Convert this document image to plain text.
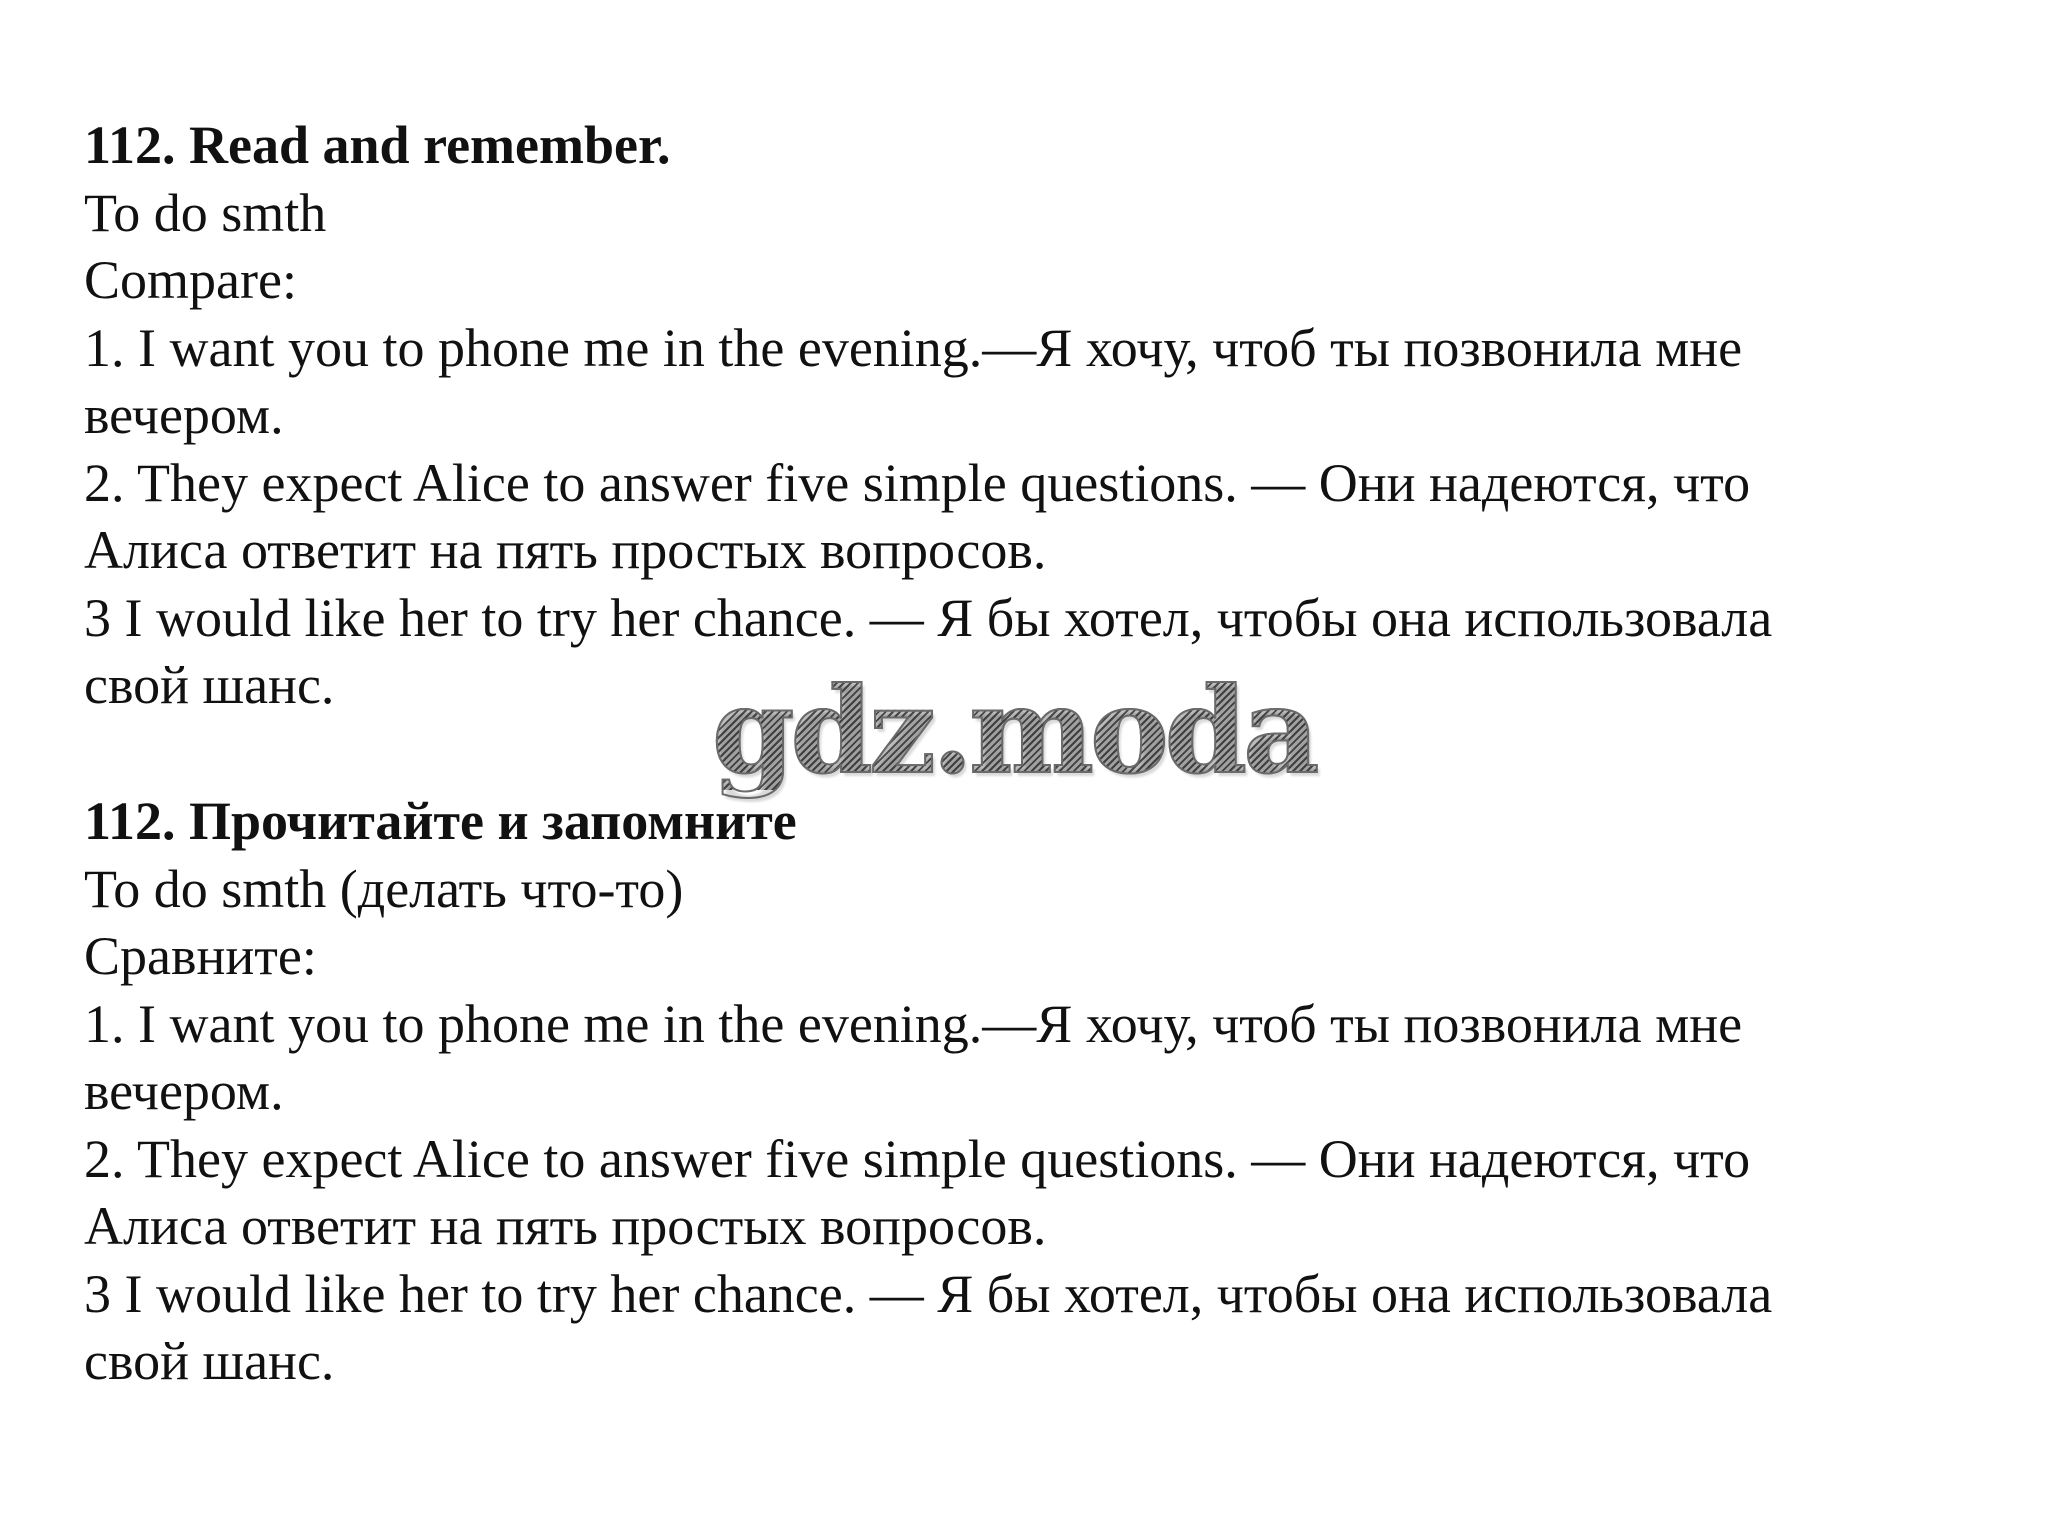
112. Read and remember.

To do smth

Compare:

1. I want you to phone me in the evening.—Я хочу, чтоб ты позвонила мне

вечером.

2. They expect Alice to answer five simple questions. — Они надеются, что

Алиса ответит на пять простых вопросов.

3 I would like her to try her chance. — Я бы хотел, чтобы она использовала

свой шанс.

112. Прочитайте и запомните

To do smth (делать что-то)

Сравните:

1. I want you to phone me in the evening.—Я хочу, чтоб ты позвонила мне

вечером.

2. They expect Alice to answer five simple questions. — Они надеются, что

Алиса ответит на пять простых вопросов.

3 I would like her to try her chance. — Я бы хотел, чтобы она использовала

свой шанс.

gdz.moda
